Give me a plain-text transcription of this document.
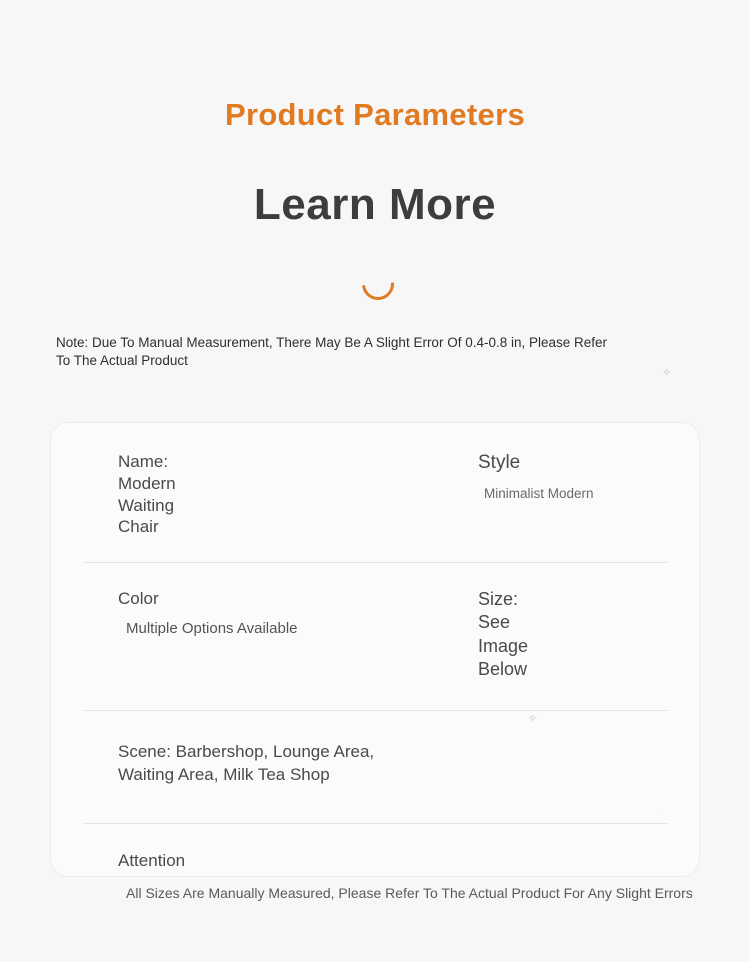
Product Parameters
Learn More
Note: Due To Manual Measurement, There May Be A Slight Error Of 0.4-0.8 in, Please Refer To The Actual Product
Name:
Modern
Waiting
Chair
Style
Minimalist Modern
Color
Multiple Options Available
Size:
See
Image
Below
Scene: Barbershop, Lounge Area,
Waiting Area, Milk Tea Shop
Attention
All Sizes Are Manually Measured, Please Refer To The Actual Product For Any Slight Errors
✧
✧
·
